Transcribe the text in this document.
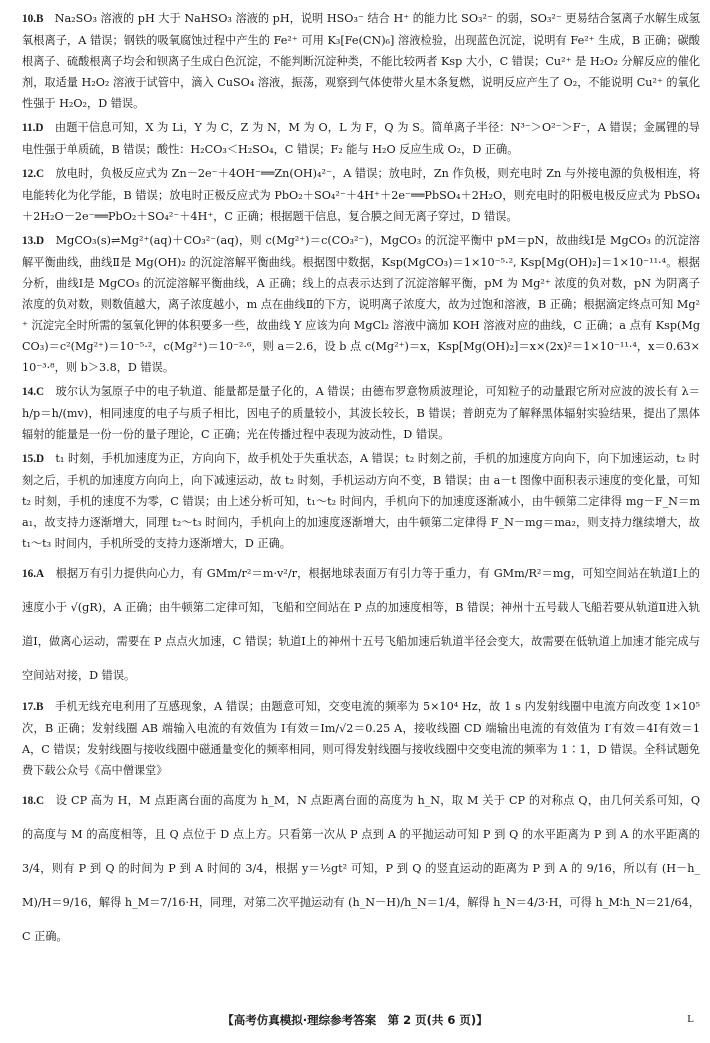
10.B　 Na₂SO₃ 溶液的 pH 大于 NaHSO₃ 溶液的 pH，说明 HSO₃⁻ 结合 H⁺ 的能力比 SO₃²⁻ 的弱，SO₃²⁻ 更易结合氢离子水解生成氢氧根离子，A 错误；钢铁的吸氧腐蚀过程中产生的 Fe²⁺ 可用 K₃[Fe(CN)₆] 溶液检验，出现蓝色沉淀，说明有 Fe²⁺ 生成，B 正确；碳酸根离子、硫酸根离子均会和钡离子生成白色沉淀，不能判断沉淀种类，不能比较两者 Ksp 大小，C 错误；Cu²⁺ 是 H₂O₂ 分解反应的催化剂，取适量 H₂O₂ 溶液于试管中，滴入 CuSO₄ 溶液，振荡，观察到气体使带火星木条复燃，说明反应产生了 O₂，不能说明 Cu²⁺ 的氧化性强于 H₂O₂，D 错误。

11.D　 由题干信息可知，X 为 Li，Y 为 C，Z 为 N，M 为 O，L 为 F，Q 为 S。简单离子半径：N³⁻＞O²⁻＞F⁻，A 错误；金属锂的导电性强于单质硫，B 错误；酸性：H₂CO₃＜H₂SO₄，C 错误；F₂ 能与 H₂O 反应生成 O₂，D 正确。

12.C　 放电时，负极反应式为 Zn－2e⁻＋4OH⁻══Zn(OH)₄²⁻，A 错误；放电时，Zn 作负极，则充电时 Zn 与外接电源的负极相连，将电能转化为化学能，B 错误；放电时正极反应式为 PbO₂＋SO₄²⁻＋4H⁺＋2e⁻══PbSO₄＋2H₂O，则充电时的阳极电极反应式为 PbSO₄＋2H₂O－2e⁻══PbO₂＋SO₄²⁻＋4H⁺，C 正确；根据题干信息，复合膜之间无离子穿过，D 错误。

13.D　 MgCO₃(s)⇌Mg²⁺(aq)＋CO₃²⁻(aq)，则 c(Mg²⁺)＝c(CO₃²⁻)，MgCO₃ 的沉淀平衡中 pM＝pN，故曲线Ⅰ是 MgCO₃ 的沉淀溶解平衡曲线，曲线Ⅱ是 Mg(OH)₂ 的沉淀溶解平衡曲线。根据图中数据，Ksp(MgCO₃)＝1×10⁻⁵·², Ksp[Mg(OH)₂]＝1×10⁻¹¹·⁴。根据分析，曲线Ⅰ是 MgCO₃ 的沉淀溶解平衡曲线，A 正确；线上的点表示达到了沉淀溶解平衡，pM 为 Mg²⁺ 浓度的负对数，pN 为阴离子浓度的负对数，则数值越大，离子浓度越小，m 点在曲线Ⅱ的下方，说明离子浓度大，故为过饱和溶液，B 正确；根据滴定终点可知 Mg²⁺ 沉淀完全时所需的氢氧化钾的体积要多一些，故曲线 Y 应该为向 MgCl₂ 溶液中滴加 KOH 溶液对应的曲线，C 正确；a 点有 Ksp(MgCO₃)＝c²(Mg²⁺)＝10⁻⁵·²，c(Mg²⁺)＝10⁻²·⁶，则 a＝2.6，设 b 点 c(Mg²⁺)＝x，Ksp[Mg(OH)₂]＝x×(2x)²＝1×10⁻¹¹·⁴，x＝0.63×10⁻³·⁸，则 b＞3.8，D 错误。

14.C　 玻尔认为氢原子中的电子轨道、能量都是量子化的，A 错误；由德布罗意物质波理论，可知粒子的动量跟它所对应波的波长有 λ＝h/p＝h/(mv)，相同速度的电子与质子相比，因电子的质量较小，其波长较长，B 错误；普朗克为了解释黑体辐射实验结果，提出了黑体辐射的能量是一份一份的量子理论，C 正确；光在传播过程中表现为波动性，D 错误。

15.D　 t₁ 时刻，手机加速度为正，方向向下，故手机处于失重状态，A 错误；t₂ 时刻之前，手机的加速度方向向下，向下加速运动，t₂ 时刻之后，手机的加速度方向向上，向下减速运动，故 t₂ 时刻，手机运动方向不变，B 错误；由 a－t 图像中面积表示速度的变化量，可知 t₂ 时刻，手机的速度不为零，C 错误；由上述分析可知，t₁～t₂ 时间内，手机向下的加速度逐渐减小，由牛顿第二定律得 mg－F_N＝ma₁，故支持力逐渐增大，同理 t₂～t₃ 时间内，手机向上的加速度逐渐增大，由牛顿第二定律得 F_N－mg＝ma₂，则支持力继续增大，故 t₁～t₃ 时间内，手机所受的支持力逐渐增大，D 正确。

16.A　 根据万有引力提供向心力，有 GMm/r²＝m·v²/r，根据地球表面万有引力等于重力，有 GMm/R²＝mg，可知空间站在轨道Ⅰ上的速度小于 √(gR)，A 正确；由牛顿第二定律可知，飞船和空间站在 P 点的加速度相等，B 错误；神州十五号载人飞船若要从轨道Ⅱ进入轨道Ⅰ，做离心运动，需要在 P 点点火加速，C 错误；轨道Ⅰ上的神州十五号飞船加速后轨道半径会变大，故需要在低轨道上加速才能完成与空间站对接，D 错误。

17.B　 手机无线充电利用了互感现象，A 错误；由题意可知，交变电流的频率为 5×10⁴ Hz，故 1 s 内发射线圈中电流方向改变 1×10⁵ 次，B 正确；发射线圈 AB 端输入电流的有效值为 I有效＝Im/√2＝0.25 A，接收线圈 CD 端输出电流的有效值为 I′有效＝4I有效＝1 A，C 错误；发射线圈与接收线圈中磁通量变化的频率相同，则可得发射线圈与接收线圈中交变电流的频率为 1∶1，D 错误。全科试题免费下载公众号《高中僧课堂》

18.C　 设 CP 高为 H，M 点距离台面的高度为 h_M，N 点距离台面的高度为 h_N，取 M 关于 CP 的对称点 Q，由几何关系可知，Q 的高度与 M 的高度相等，且 Q 点位于 D 点上方。只看第一次从 P 点到 A 的平抛运动可知 P 到 Q 的水平距离为 P 到 A 的水平距离的 3/4，则有 P 到 Q 的时间为 P 到 A 时间的 3/4，根据 y＝½gt² 可知，P 到 Q 的竖直运动的距离为 P 到 A 的 9/16，所以有 (H－h_M)/H＝9/16，解得 h_M＝7/16·H，同理，对第二次平抛运动有 (h_N－H)/h_N＝1/4，解得 h_N＝4/3·H，可得 h_M∶h_N＝21/64，C 正确。

【高考仿真模拟·理综参考答案　第 2 页(共 6 页)】	L
